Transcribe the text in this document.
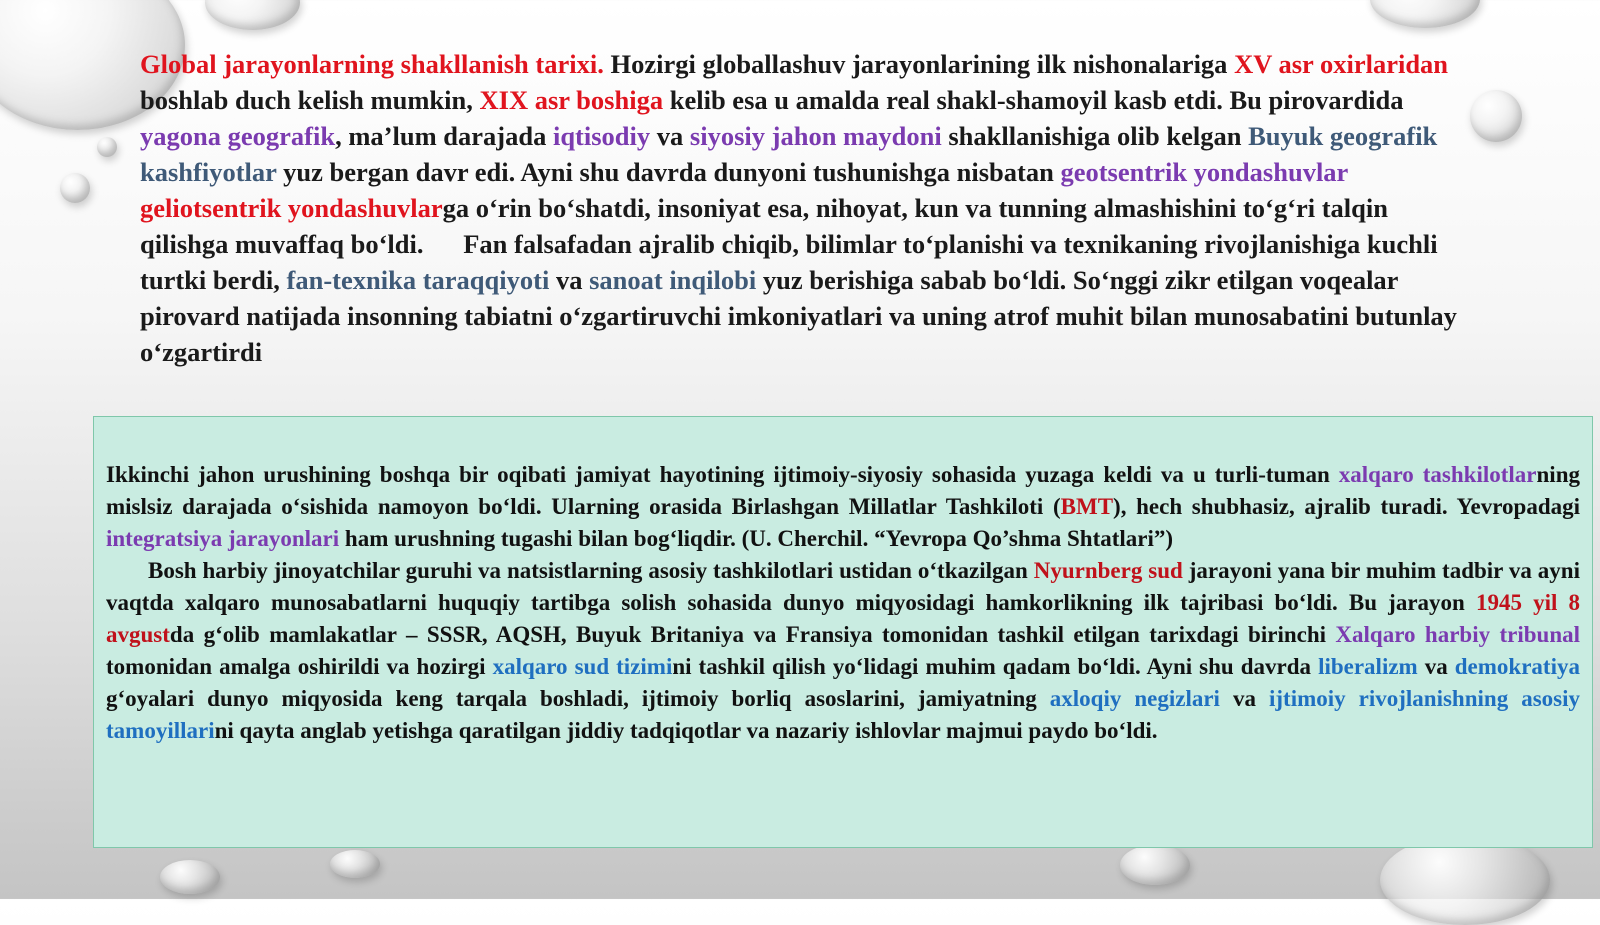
Global jarayonlarning shakllanish tarixi. Hozirgi globallashuv jarayonlarining ilk nishonalariga XV asr oxirlaridan boshlab duch kelish mumkin, XIX asr boshiga kelib esa u amalda real shakl-shamoyil kasb etdi. Bu pirovardida yagona geografik, ma’lum darajada iqtisodiy va siyosiy jahon maydoni shakllanishiga olib kelgan Buyuk geografik kashfiyotlar yuz bergan davr edi. Ayni shu davrda dunyoni tushunishga nisbatan geotsentrik yondashuvlar geliotsentrik yondashuvlarga o‘rin bo‘shatdi, insoniyat esa, nihoyat, kun va tunning almashishini to‘g‘ri talqin qilishga muvaffaq bo‘ldi.      Fan falsafadan ajralib chiqib, bilimlar to‘planishi va texnikaning rivojlanishiga kuchli turtki berdi, fan-texnika taraqqiyoti va sanoat inqilobi yuz berishiga sabab bo‘ldi. So‘nggi zikr etilgan voqealar pirovard natijada insonning tabiatni o‘zgartiruvchi imkoniyatlari va uning atrof muhit bilan munosabatini butunlay o‘zgartirdi

Ikkinchi jahon urushining boshqa bir oqibati jamiyat hayotining ijtimoiy-siyosiy sohasida yuzaga keldi va u turli-tuman xalqaro tashkilotlarning mislsiz darajada o‘sishida namoyon bo‘ldi. Ularning orasida Birlashgan Millatlar Tashkiloti (BMT), hech shubhasiz, ajralib turadi. Yevropadagi integratsiya jarayonlari ham urushning tugashi bilan bog‘liqdir. (U. Cherchil. “Yevropa Qo’shma Shtatlari”)

Bosh harbiy jinoyatchilar guruhi va natsistlarning asosiy tashkilotlari ustidan o‘tkazilgan Nyurnberg sud jarayoni yana bir muhim tadbir va ayni vaqtda xalqaro munosabatlarni huquqiy tartibga solish sohasida dunyo miqyosidagi hamkorlikning ilk tajribasi bo‘ldi. Bu jarayon 1945 yil 8 avgustda g‘olib mamlakatlar – SSSR, AQSH, Buyuk Britaniya va Fransiya tomonidan tashkil etilgan tarixdagi birinchi Xalqaro harbiy tribunal tomonidan amalga oshirildi va hozirgi xalqaro sud tizimini tashkil qilish yo‘lidagi muhim qadam bo‘ldi. Ayni shu davrda liberalizm va demokratiya g‘oyalari dunyo miqyosida keng tarqala boshladi, ijtimoiy borliq asoslarini, jamiyatning axloqiy negizlari va ijtimoiy rivojlanishning asosiy tamoyillarini qayta anglab yetishga qaratilgan jiddiy tadqiqotlar va nazariy ishlovlar majmui paydo bo‘ldi.
